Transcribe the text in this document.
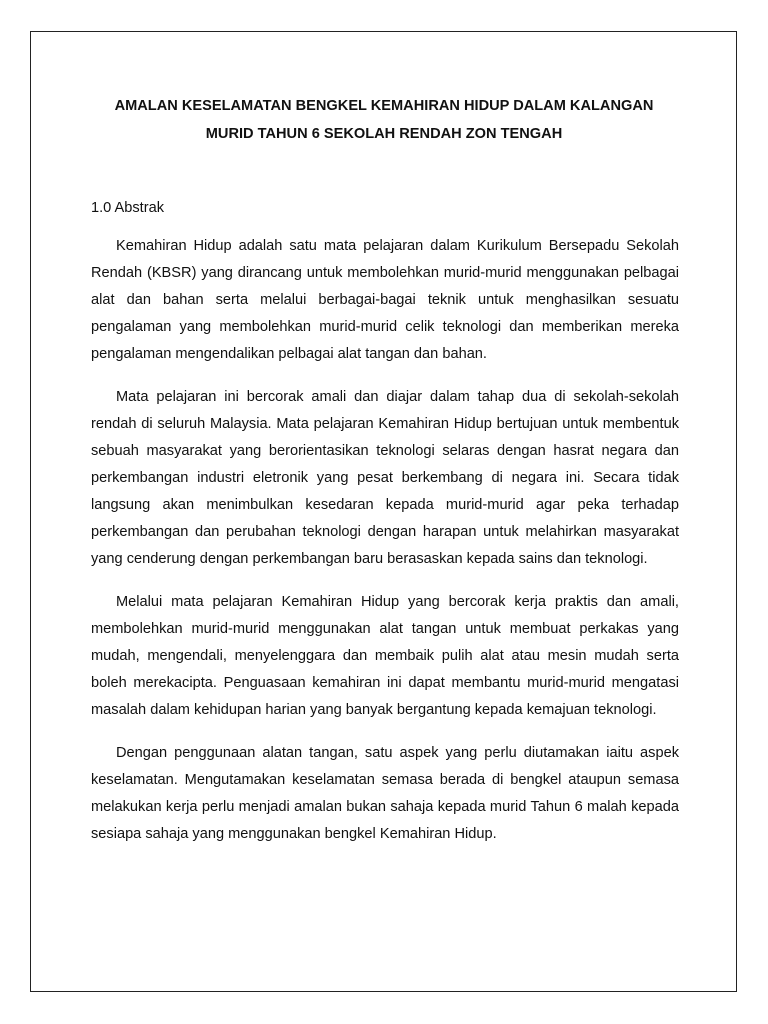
AMALAN KESELAMATAN BENGKEL KEMAHIRAN HIDUP DALAM KALANGAN
MURID TAHUN 6 SEKOLAH RENDAH ZON TENGAH

1.0 Abstrak

Kemahiran Hidup adalah satu mata pelajaran dalam Kurikulum Bersepadu Sekolah Rendah (KBSR) yang dirancang untuk membolehkan murid-murid menggunakan pelbagai alat dan bahan serta melalui berbagai-bagai teknik untuk menghasilkan sesuatu pengalaman yang membolehkan murid-murid celik teknologi dan memberikan mereka pengalaman mengendalikan pelbagai alat tangan dan bahan.

Mata pelajaran ini bercorak amali dan diajar dalam tahap dua di sekolah-sekolah rendah di seluruh Malaysia. Mata pelajaran Kemahiran Hidup bertujuan untuk membentuk sebuah masyarakat yang berorientasikan teknologi selaras dengan hasrat negara dan perkembangan industri eletronik yang pesat berkembang di negara ini. Secara tidak langsung akan menimbulkan kesedaran kepada murid-murid agar peka terhadap perkembangan dan perubahan teknologi dengan harapan untuk melahirkan masyarakat yang cenderung dengan perkembangan baru berasaskan kepada sains dan teknologi.

Melalui mata pelajaran Kemahiran Hidup yang bercorak kerja praktis dan amali, membolehkan murid-murid menggunakan alat tangan untuk membuat perkakas yang mudah, mengendali, menyelenggara dan membaik pulih alat atau mesin mudah serta boleh merekacipta. Penguasaan kemahiran ini dapat membantu murid-murid mengatasi masalah dalam kehidupan harian yang banyak bergantung kepada kemajuan teknologi.

Dengan penggunaan alatan tangan, satu aspek yang perlu diutamakan iaitu aspek keselamatan. Mengutamakan keselamatan semasa berada di bengkel ataupun semasa melakukan kerja perlu menjadi amalan bukan sahaja kepada murid Tahun 6 malah kepada sesiapa sahaja yang menggunakan bengkel Kemahiran Hidup.
